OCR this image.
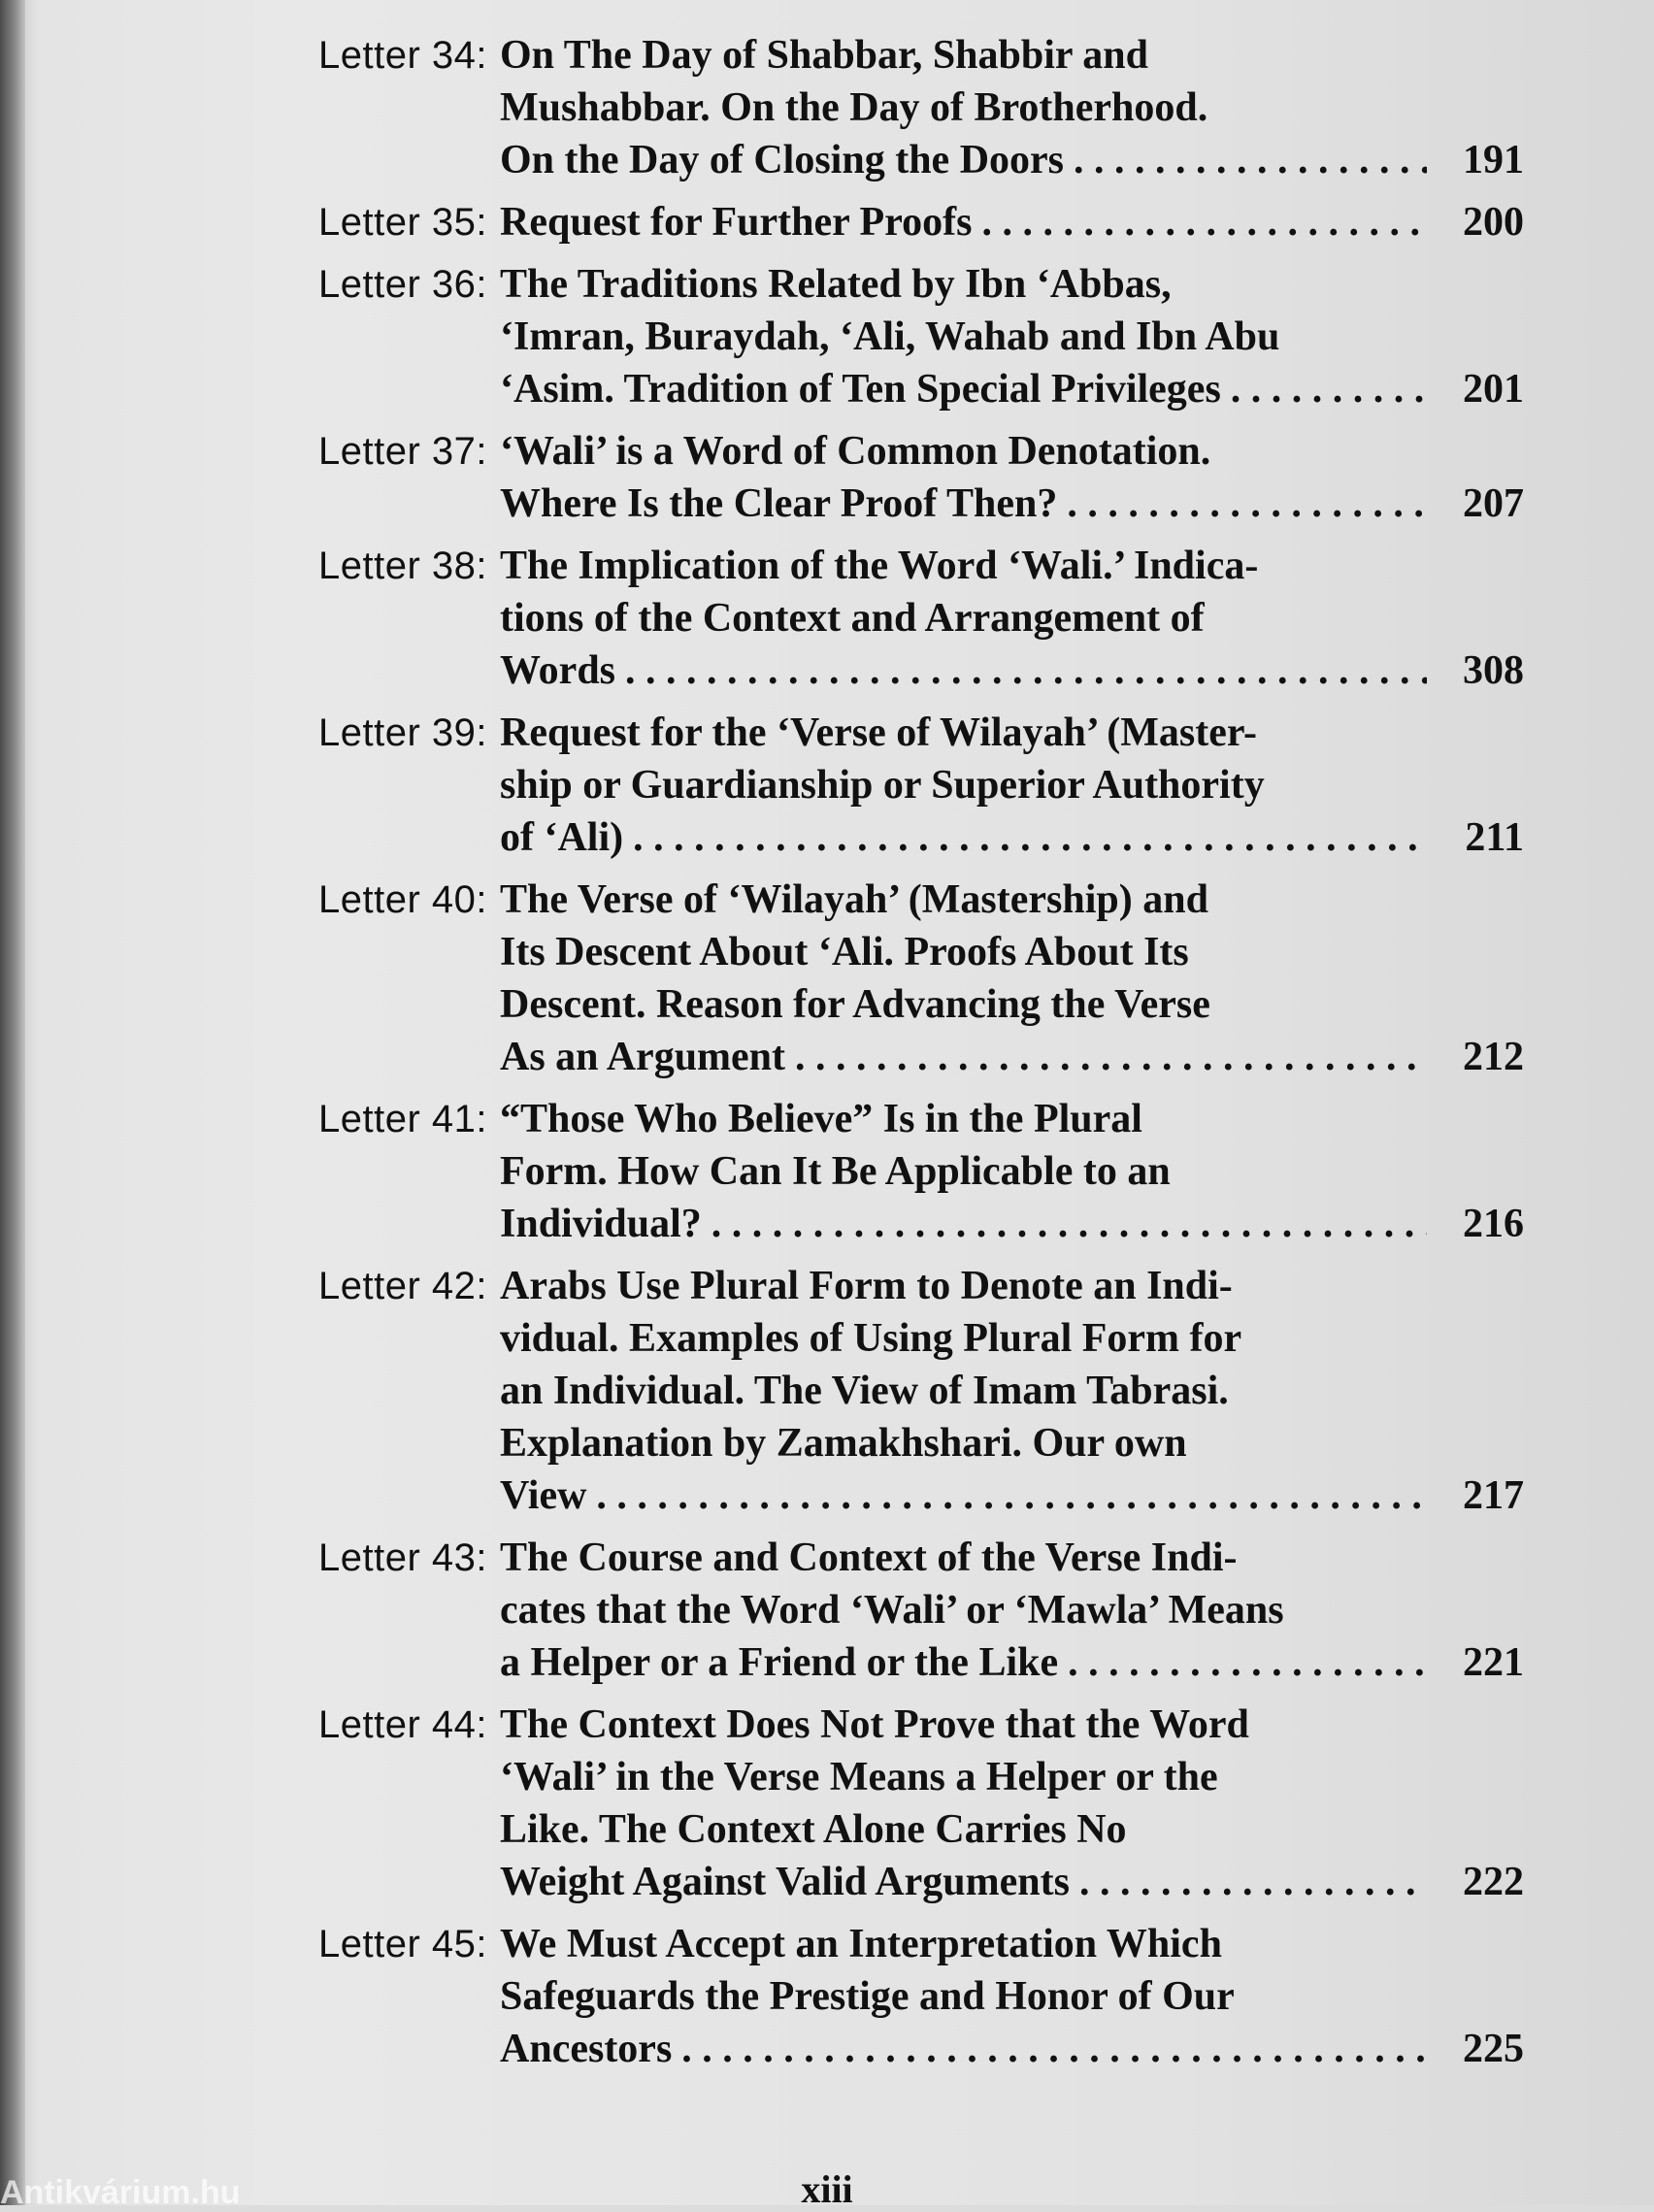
Letter 34: On The Day of Shabbar, Shabbir and
Mushabbar. On the Day of Brotherhood.
On the Day of Closing the Doors . . .	191
Letter 35: Request for Further Proofs . . .	200
Letter 36: The Traditions Related by Ibn ‘Abbas,
‘Imran, Buraydah, ‘Ali, Wahab and Ibn Abu
‘Asim. Tradition of Ten Special Privileges . . .	201
Letter 37: ‘Wali’ is a Word of Common Denotation.
Where Is the Clear Proof Then? . . .	207
Letter 38: The Implication of the Word ‘Wali.’ Indica-
tions of the Context and Arrangement of
Words . . .	308
Letter 39: Request for the ‘Verse of Wilayah’ (Master-
ship or Guardianship or Superior Authority
of ‘Ali) . . .	211
Letter 40: The Verse of ‘Wilayah’ (Mastership) and
Its Descent About ‘Ali. Proofs About Its
Descent. Reason for Advancing the Verse
As an Argument . . .	212
Letter 41: “Those Who Believe” Is in the Plural
Form. How Can It Be Applicable to an
Individual? . . .	216
Letter 42: Arabs Use Plural Form to Denote an Indi-
vidual. Examples of Using Plural Form for
an Individual. The View of Imam Tabrasi.
Explanation by Zamakhshari. Our own
View . . .	217
Letter 43: The Course and Context of the Verse Indi-
cates that the Word ‘Wali’ or ‘Mawla’ Means
a Helper or a Friend or the Like . . .	221
Letter 44: The Context Does Not Prove that the Word
‘Wali’ in the Verse Means a Helper or the
Like. The Context Alone Carries No
Weight Against Valid Arguments . . .	222
Letter 45: We Must Accept an Interpretation Which
Safeguards the Prestige and Honor of Our
Ancestors . . .	225
xiii
Antikvárium.hu
